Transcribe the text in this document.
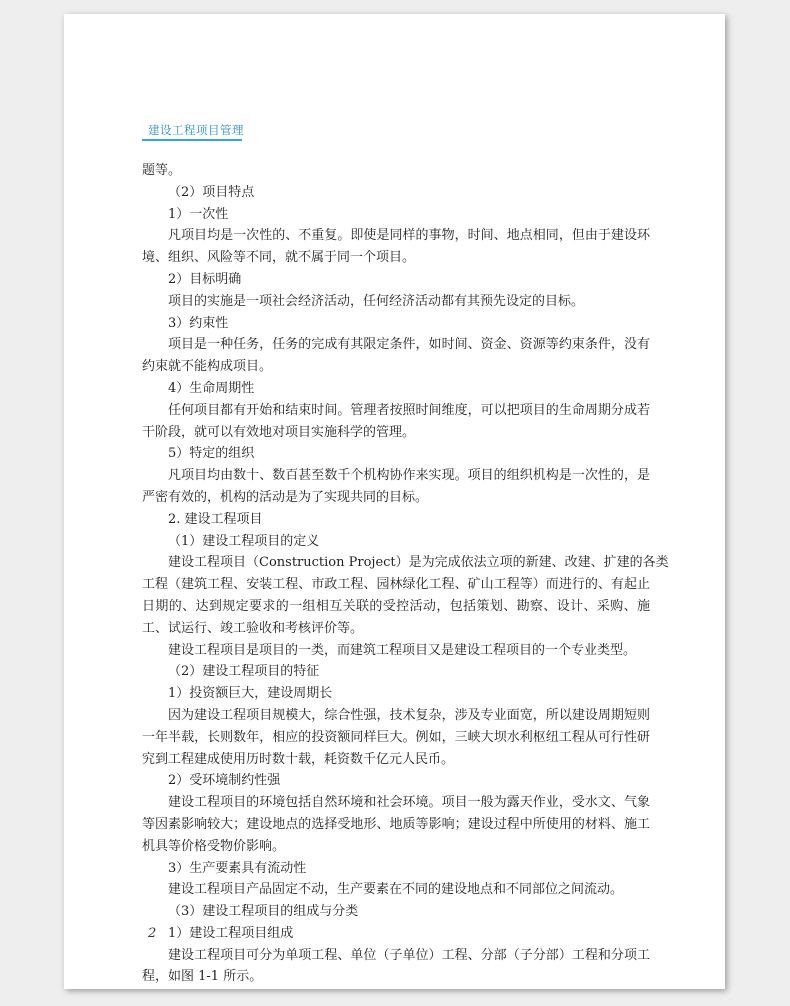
建设工程项目管理
题等。
（2）项目特点
1）一次性
凡项目均是一次性的、不重复。即使是同样的事物，时间、地点相同，但由于建设环
境、组织、风险等不同，就不属于同一个项目。
2）目标明确
项目的实施是一项社会经济活动，任何经济活动都有其预先设定的目标。
3）约束性
项目是一种任务，任务的完成有其限定条件，如时间、资金、资源等约束条件，没有
约束就不能构成项目。
4）生命周期性
任何项目都有开始和结束时间。管理者按照时间维度，可以把项目的生命周期分成若
干阶段，就可以有效地对项目实施科学的管理。
5）特定的组织
凡项目均由数十、数百甚至数千个机构协作来实现。项目的组织机构是一次性的，是
严密有效的，机构的活动是为了实现共同的目标。
2. 建设工程项目
（1）建设工程项目的定义
建设工程项目（Construction Project）是为完成依法立项的新建、改建、扩建的各类
工程（建筑工程、安装工程、市政工程、园林绿化工程、矿山工程等）而进行的、有起止
日期的、达到规定要求的一组相互关联的受控活动，包括策划、勘察、设计、采购、施
工、试运行、竣工验收和考核评价等。
建设工程项目是项目的一类，而建筑工程项目又是建设工程项目的一个专业类型。
（2）建设工程项目的特征
1）投资额巨大，建设周期长
因为建设工程项目规模大，综合性强，技术复杂，涉及专业面宽，所以建设周期短则
一年半载，长则数年，相应的投资额同样巨大。例如，三峡大坝水利枢纽工程从可行性研
究到工程建成使用历时数十载，耗资数千亿元人民币。
2）受环境制约性强
建设工程项目的环境包括自然环境和社会环境。项目一般为露天作业，受水文、气象
等因素影响较大；建设地点的选择受地形、地质等影响；建设过程中所使用的材料、施工
机具等价格受物价影响。
3）生产要素具有流动性
建设工程项目产品固定不动，生产要素在不同的建设地点和不同部位之间流动。
（3）建设工程项目的组成与分类
1）建设工程项目组成
建设工程项目可分为单项工程、单位（子单位）工程、分部（子分部）工程和分项工
程，如图 1-1 所示。
2
